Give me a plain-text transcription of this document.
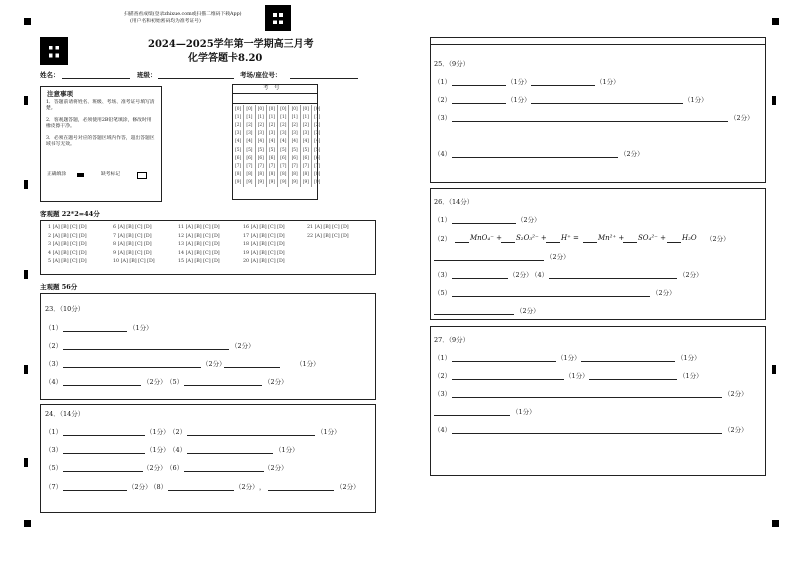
扫描查看成绩(登录zhixue.com或扫描二维码下载App)
(用户名和初始密码均为准考证号)
2024—2025学年第一学期高三月考
化学答题卡8.20
姓名：	班级：	考场/座位号：
注意事项
1．答题前请将姓名、班级、考场、准考证号填写清楚。
2．客观题答题，必须使用2B铅笔填涂，修改时用橡皮擦干净。
3．必须在题号对应的答题区域内作答，超出答题区域书写无效。
正确填涂	缺考标记
考　号
[0]	[0]	[0]	[0]	[0]	[0]	[0]	[0]
[1]	[1]	[1]	[1]	[1]	[1]	[1]	[1]
[2]	[2]	[2]	[2]	[2]	[2]	[2]	[2]
[3]	[3]	[3]	[3]	[3]	[3]	[3]	[3]
[4]	[4]	[4]	[4]	[4]	[4]	[4]	[4]
[5]	[5]	[5]	[5]	[5]	[5]	[5]	[5]
[6]	[6]	[6]	[6]	[6]	[6]	[6]	[6]
[7]	[7]	[7]	[7]	[7]	[7]	[7]	[7]
[8]	[8]	[8]	[8]	[8]	[8]	[8]	[8]
[9]	[9]	[9]	[9]	[9]	[9]	[9]	[9]
客观题 22*2=44分
1 [A] [B] [C] [D]
2 [A] [B] [C] [D]
3 [A] [B] [C] [D]
4 [A] [B] [C] [D]
5 [A] [B] [C] [D]
6 [A] [B] [C] [D]
7 [A] [B] [C] [D]
8 [A] [B] [C] [D]
9 [A] [B] [C] [D]
10 [A] [B] [C] [D]
11 [A] [B] [C] [D]
12 [A] [B] [C] [D]
13 [A] [B] [C] [D]
14 [A] [B] [C] [D]
15 [A] [B] [C] [D]
16 [A] [B] [C] [D]
17 [A] [B] [C] [D]
18 [A] [B] [C] [D]
19 [A] [B] [C] [D]
20 [A] [B] [C] [D]
21 [A] [B] [C] [D]
22 [A] [B] [C] [D]
主观题 56分
23．（10分）
（1）	（1分）
（2）	（2分）
（3）	（2分）	（1分）
（4）	（2分） （5）	（2分）
24．（14分）
（1）	（1分） （2）	（1分）
（3）	（1分） （4）	（1分）
（5）	（2分） （6）	（2分）
（7）	（2分）
（8）	（2分） ，	（2分）
25．（9分）
（1）	（1分）	（1分）
（2）	（1分）	（1分）
（3）	（2分）
（4）	（2分）
26．（14分）
（1）	（2分）
（2）	MnO₄⁻ + S₂O₃²⁻ + H⁺ =	Mn²⁺ + SO₄²⁻ + H₂O （2分）
（2分）
（3）	（2分）
（4）	（2分）
（5）	（2分）
（2分）
27．（9分）
（1）	（1分）	（1分）
（2）	（1分）	（1分）
（3）	（2分）
（1分）
（4）	（2分）
